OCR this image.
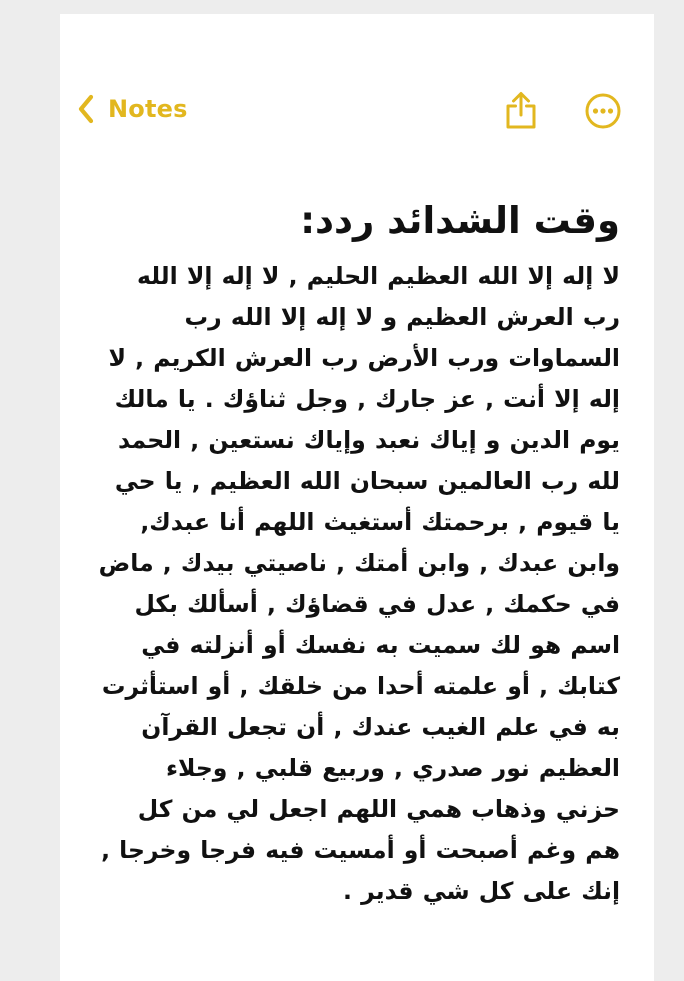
Notes
وقت الشدائد ردد:

لا إله إلا الله العظيم الحليم , لا إله إلا الله رب العرش العظيم و لا إله إلا الله رب السماوات ورب الأرض رب العرش الكريم , لا إله إلا أنت , عز جارك , وجل ثناؤك . يا مالك يوم الدين و إياك نعبد وإياك نستعين , الحمد لله رب العالمين سبحان الله العظيم , يا حي يا قيوم , برحمتك أستغيث اللهم أنا عبدك, وابن عبدك , وابن أمتك , ناصيتي بيدك , ماض في حكمك , عدل في قضاؤك , أسألك بكل اسم هو لك سميت به نفسك أو أنزلته في كتابك , أو علمته أحدا من خلقك , أو استأثرت به في علم الغيب عندك , أن تجعل القرآن العظيم نور صدري , وربيع قلبي , وجلاء حزني وذهاب همي اللهم اجعل لي من كل هم وغم أصبحت أو أمسيت فيه فرجا وخرجا , إنك على كل شي قدير .
